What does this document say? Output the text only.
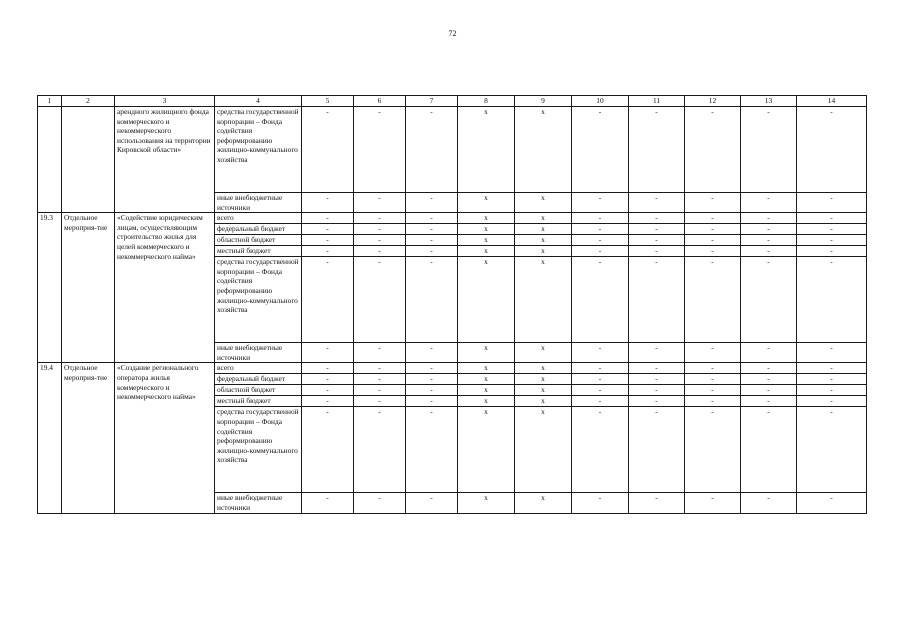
72
1	2	3	4	5	6	7	8	9	10	11	12	13	14
		арендного жилищного фонда коммерческого и некоммерческого использования на территории Кировской области»	средства государственной корпорации – Фонда содействия реформированию жилищно-коммунального хозяйства	-	-	-	x	x	-	-	-	-	-
			иные внебюджетные источники	-	-	-	x	x	-	-	-	-	-
19.3	Отдельное мероприя-тие	«Содействие юридическим лицам, осуществляющим строительство жилья для целей коммерческого и некоммерческого найма»	всего	-	-	-	x	x	-	-	-	-	-
			федеральный бюджет	-	-	-	x	x	-	-	-	-	-
			областной бюджет	-	-	-	x	x	-	-	-	-	-
			местный бюджет	-	-	-	x	x	-	-	-	-	-
			средства государственной корпорации – Фонда содействия реформированию жилищно-коммунального хозяйства	-	-	-	x	x	-	-	-	-	-
			иные внебюджетные источники	-	-	-	x	x	-	-	-	-	-
19.4	Отдельное мероприя-тие	«Создание регионального оператора жилья коммерческого и некоммерческого найма»	всего	-	-	-	x	x	-	-	-	-	-
			федеральный бюджет	-	-	-	x	x	-	-	-	-	-
			областной бюджет	-	-	-	x	x	-	-	-	-	-
			местный бюджет	-	-	-	x	x	-	-	-	-	-
			средства государственной корпорации – Фонда содействия реформированию жилищно-коммунального хозяйства	-	-	-	x	x	-	-	-	-	-
			иные внебюджетные источники	-	-	-	x	x	-	-	-	-	-
